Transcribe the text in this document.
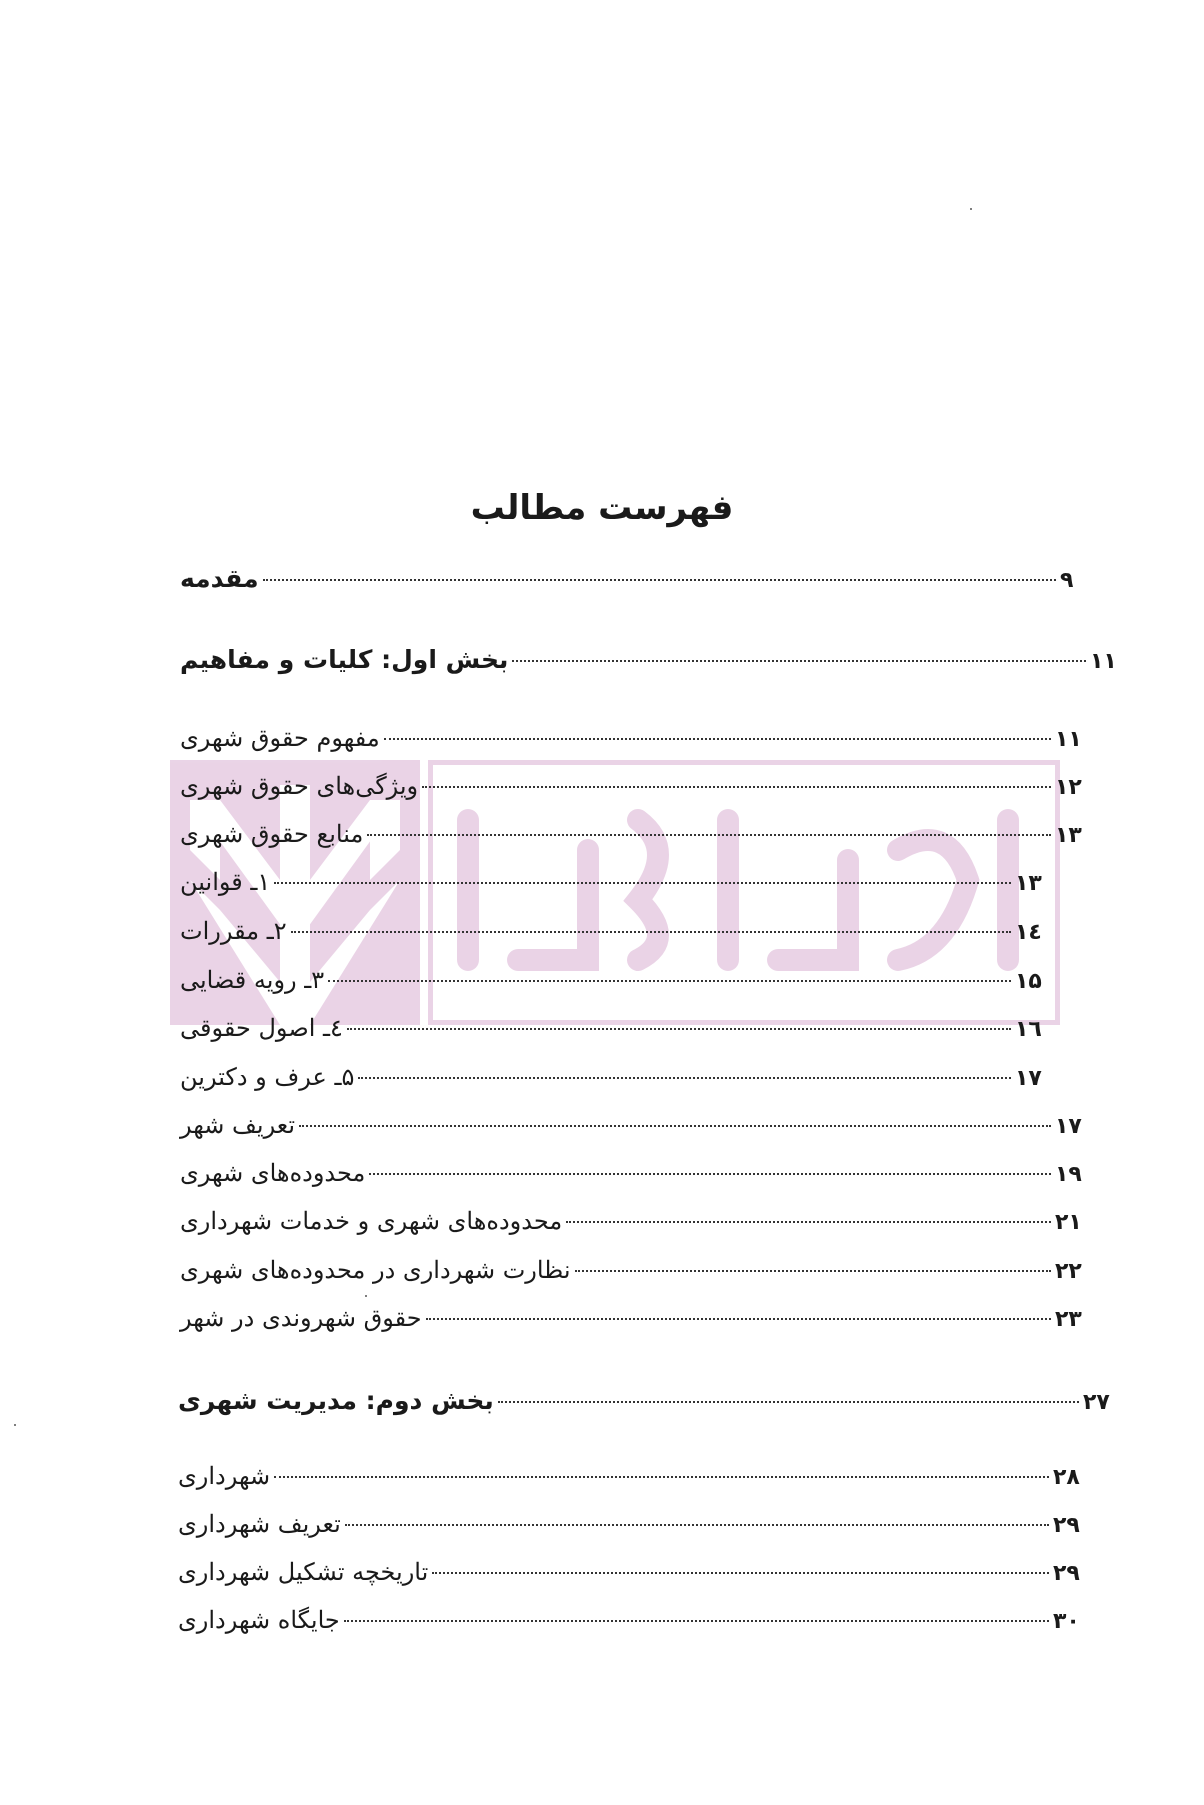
فهرست مطالب
مقدمه	۹
بخش اول: کلیات و مفاهیم	۱۱
مفهوم حقوق شهری	۱۱
ویژگی‌های حقوق شهری	۱۲
منابع حقوق شهری	۱۳
۱ـ قوانین	۱۳
۲ـ مقررات	۱٤
۳ـ رویه قضایی	۱۵
٤ـ اصول حقوقی	۱٦
۵ـ عرف و دکترین	۱۷
تعریف شهر	۱۷
محدوده‌های شهری	۱۹
محدوده‌های شهری و خدمات شهرداری	۲۱
نظارت شهرداری در محدوده‌های شهری	۲۲
حقوق شهروندی در شهر	۲۳
بخش دوم: مدیریت شهری	۲۷
شهرداری	۲۸
تعریف شهرداری	۲۹
تاریخچه تشکیل شهرداری	۲۹
جایگاه شهرداری	۳۰
